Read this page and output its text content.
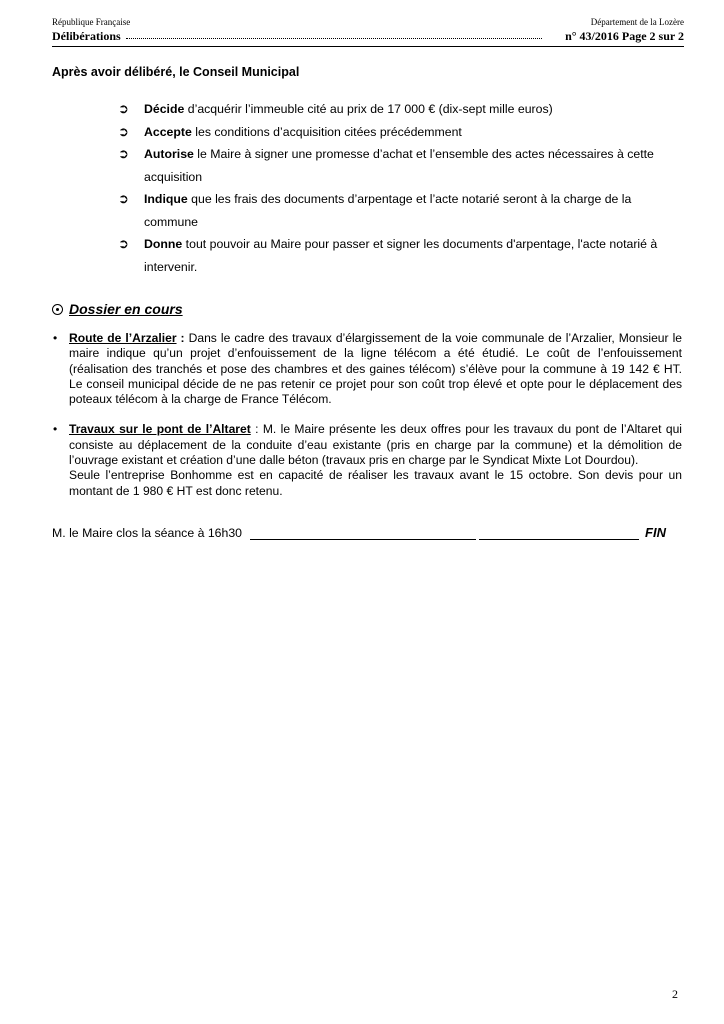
République Française	Département de la Lozère
Délibérations	n° 43/2016 Page 2 sur 2
Après avoir délibéré, le Conseil Municipal
➲ Décide d’acquérir l’immeuble cité au prix de 17 000 € (dix-sept mille euros)
➲ Accepte les conditions d’acquisition citées précédemment
➲ Autorise le Maire à signer une promesse d’achat et l’ensemble des actes nécessaires à cette acquisition
➲ Indique que les frais des documents d’arpentage et l’acte notarié seront à la charge de la commune
➲ Donne tout pouvoir au Maire pour passer et signer les documents d'arpentage, l'acte notarié à intervenir.
Dossier en cours
• Route de l’Arzalier : Dans le cadre des travaux d’élargissement de la voie communale de l’Arzalier, Monsieur le maire indique qu’un projet d’enfouissement de la ligne télécom a été étudié. Le coût de l’enfouissement (réalisation des tranchés et pose des chambres et des gaines télécom) s’élève pour la commune à 19 142 € HT. Le conseil municipal décide de ne pas retenir ce projet pour son coût trop élevé et opte pour le déplacement des poteaux télécom à la charge de France Télécom.
• Travaux sur le pont de l’Altaret : M. le Maire présente les deux offres pour les travaux du pont de l’Altaret qui consiste au déplacement de la conduite d’eau existante (pris en charge par la commune) et la démolition de l’ouvrage existant et création d’une dalle béton (travaux pris en charge par le Syndicat Mixte Lot Dourdou).
Seule l’entreprise Bonhomme est en capacité de réaliser les travaux avant le 15 octobre. Son devis pour un montant de 1 980 € HT est donc retenu.
M. le Maire clos la séance à 16h30	FIN
2
